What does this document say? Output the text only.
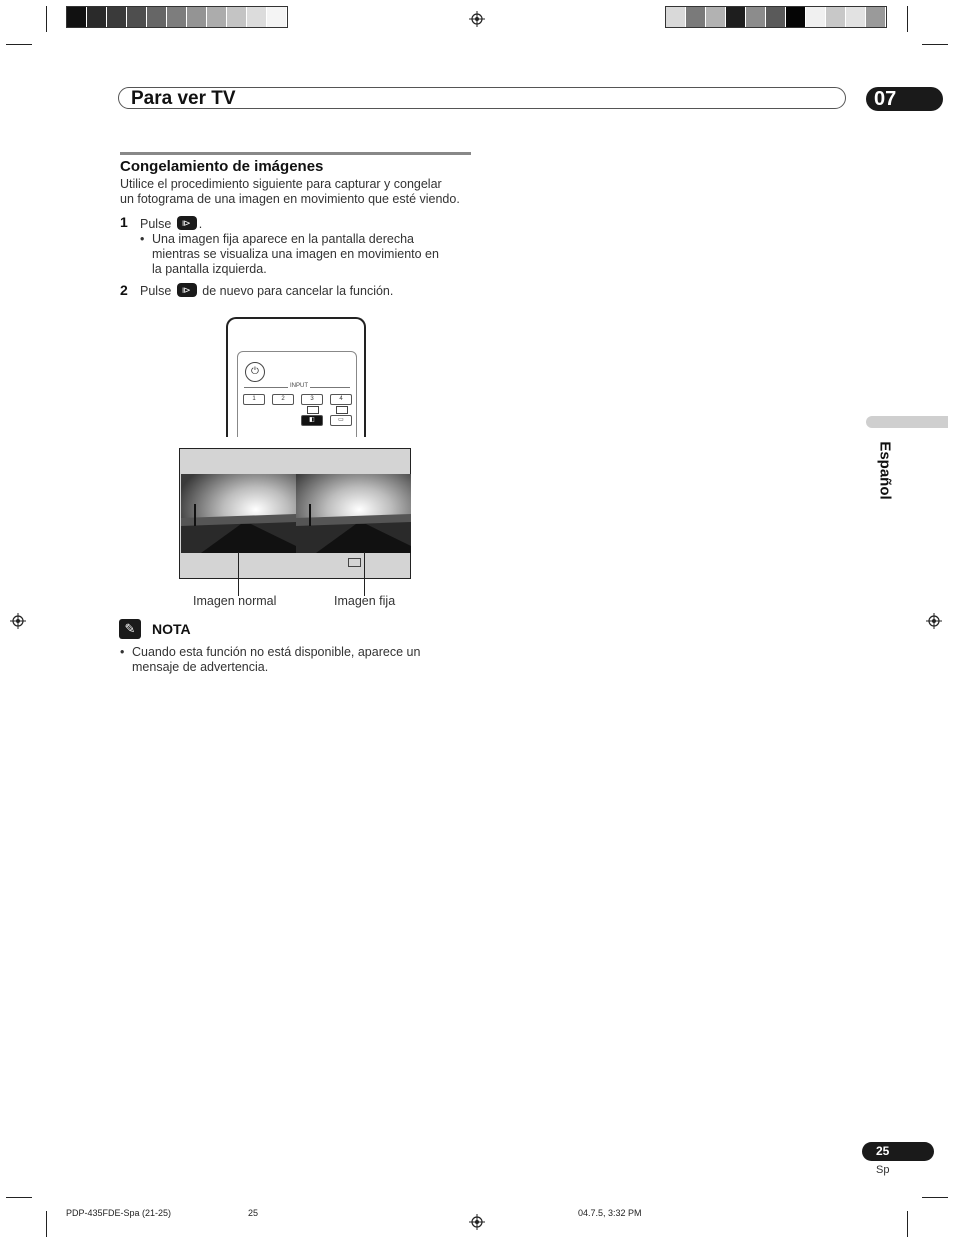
Para ver TV	07
Congelamiento de imágenes
Utilice el procedimiento siguiente para capturar y congelar
un fotograma de una imagen en movimiento que esté viendo.
1 Pulse ⧐ .
• Una imagen fija aparece en la pantalla derecha
mientras se visualiza una imagen en movimiento en
la pantalla izquierda.
2 Pulse ⧐ de nuevo para cancelar la función.
⏻
INPUT
1	2	3	4
◧	▭
Imagen normal	Imagen fija
✎	NOTA
• Cuando esta función no está disponible, aparece un
mensaje de advertencia.
Español
25
Sp
PDP-435FDE-Spa (21-25)	25	04.7.5, 3:32 PM
